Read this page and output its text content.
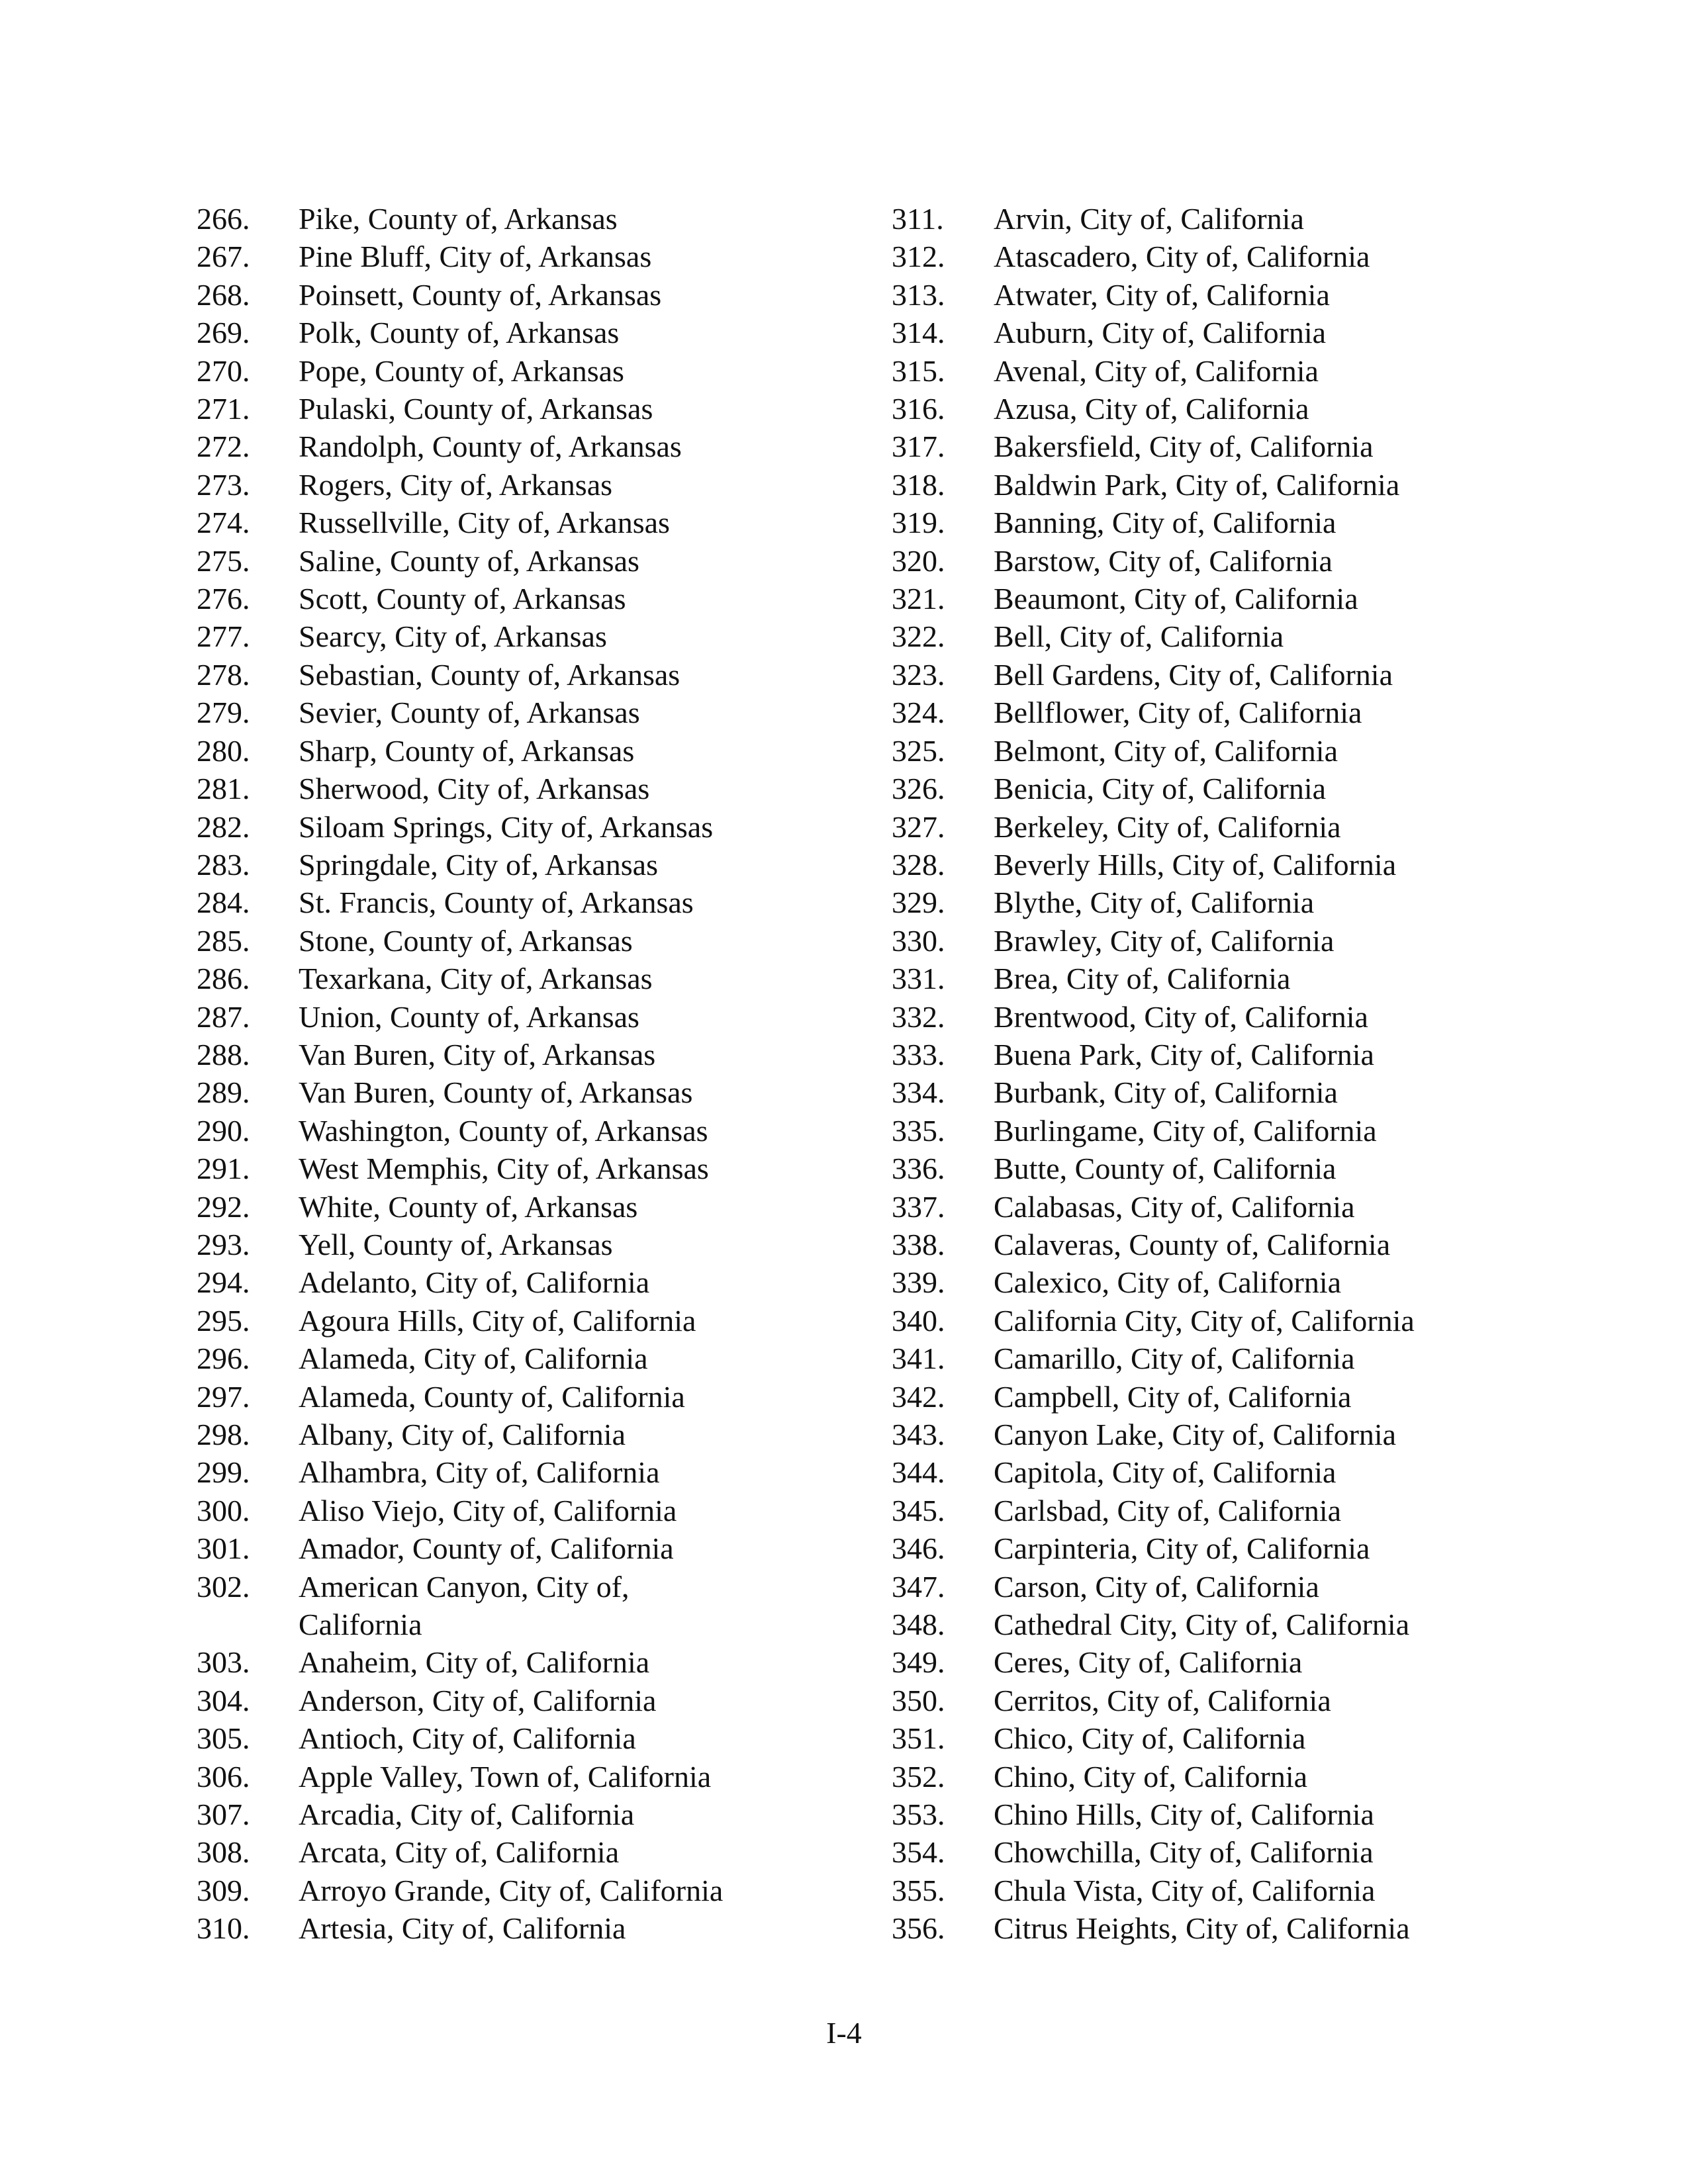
266.	Pike, County of, Arkansas
267.	Pine Bluff, City of, Arkansas
268.	Poinsett, County of, Arkansas
269.	Polk, County of, Arkansas
270.	Pope, County of, Arkansas
271.	Pulaski, County of, Arkansas
272.	Randolph, County of, Arkansas
273.	Rogers, City of, Arkansas
274.	Russellville, City of, Arkansas
275.	Saline, County of, Arkansas
276.	Scott, County of, Arkansas
277.	Searcy, City of, Arkansas
278.	Sebastian, County of, Arkansas
279.	Sevier, County of, Arkansas
280.	Sharp, County of, Arkansas
281.	Sherwood, City of, Arkansas
282.	Siloam Springs, City of, Arkansas
283.	Springdale, City of, Arkansas
284.	St. Francis, County of, Arkansas
285.	Stone, County of, Arkansas
286.	Texarkana, City of, Arkansas
287.	Union, County of, Arkansas
288.	Van Buren, City of, Arkansas
289.	Van Buren, County of, Arkansas
290.	Washington, County of, Arkansas
291.	West Memphis, City of, Arkansas
292.	White, County of, Arkansas
293.	Yell, County of, Arkansas
294.	Adelanto, City of, California
295.	Agoura Hills, City of, California
296.	Alameda, City of, California
297.	Alameda, County of, California
298.	Albany, City of, California
299.	Alhambra, City of, California
300.	Aliso Viejo, City of, California
301.	Amador, County of, California
302.	American Canyon, City of,
California
303.	Anaheim, City of, California
304.	Anderson, City of, California
305.	Antioch, City of, California
306.	Apple Valley, Town of, California
307.	Arcadia, City of, California
308.	Arcata, City of, California
309.	Arroyo Grande, City of, California
310.	Artesia, City of, California
311.	Arvin, City of, California
312.	Atascadero, City of, California
313.	Atwater, City of, California
314.	Auburn, City of, California
315.	Avenal, City of, California
316.	Azusa, City of, California
317.	Bakersfield, City of, California
318.	Baldwin Park, City of, California
319.	Banning, City of, California
320.	Barstow, City of, California
321.	Beaumont, City of, California
322.	Bell, City of, California
323.	Bell Gardens, City of, California
324.	Bellflower, City of, California
325.	Belmont, City of, California
326.	Benicia, City of, California
327.	Berkeley, City of, California
328.	Beverly Hills, City of, California
329.	Blythe, City of, California
330.	Brawley, City of, California
331.	Brea, City of, California
332.	Brentwood, City of, California
333.	Buena Park, City of, California
334.	Burbank, City of, California
335.	Burlingame, City of, California
336.	Butte, County of, California
337.	Calabasas, City of, California
338.	Calaveras, County of, California
339.	Calexico, City of, California
340.	California City, City of, California
341.	Camarillo, City of, California
342.	Campbell, City of, California
343.	Canyon Lake, City of, California
344.	Capitola, City of, California
345.	Carlsbad, City of, California
346.	Carpinteria, City of, California
347.	Carson, City of, California
348.	Cathedral City, City of, California
349.	Ceres, City of, California
350.	Cerritos, City of, California
351.	Chico, City of, California
352.	Chino, City of, California
353.	Chino Hills, City of, California
354.	Chowchilla, City of, California
355.	Chula Vista, City of, California
356.	Citrus Heights, City of, California
I-4
